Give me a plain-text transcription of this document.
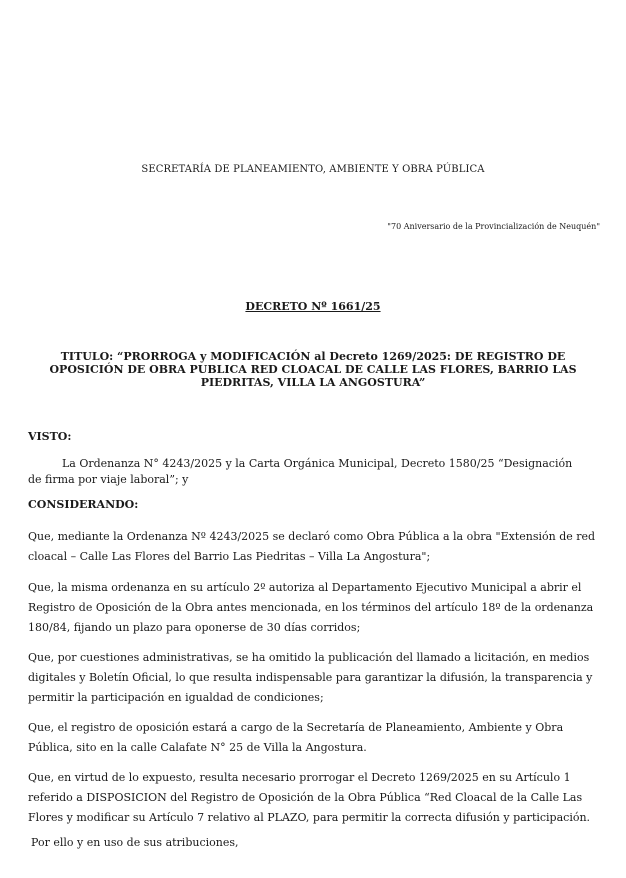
SECRETARÍA DE PLANEAMIENTO, AMBIENTE Y OBRA PÚBLICA
"70 Aniversario de la Provincialización de Neuquén"
DECRETO Nº 1661/25
TITULO: “PRORROGA y MODIFICACIÓN al Decreto 1269/2025: DE REGISTRO DE OPOSICIÓN DE OBRA PUBLICA RED CLOACAL DE CALLE LAS FLORES, BARRIO LAS PIEDRITAS, VILLA LA ANGOSTURA”
VISTO:
La Ordenanza N° 4243/2025 y la Carta Orgánica Municipal, Decreto 1580/25 “Designación de firma por viaje laboral”; y
CONSIDERANDO:
Que, mediante la Ordenanza Nº 4243/2025 se declaró como Obra Pública a la obra "Extensión de red cloacal – Calle Las Flores del Barrio Las Piedritas – Villa La Angostura";
Que, la misma ordenanza en su artículo 2º autoriza al Departamento Ejecutivo Municipal a abrir el Registro de Oposición de la Obra antes mencionada, en los términos del artículo 18º de la ordenanza 180/84, fijando un plazo para oponerse de 30 días corridos;
Que, por cuestiones administrativas, se ha omitido la publicación del llamado a licitación, en medios digitales y Boletín Oficial, lo que resulta indispensable para garantizar la difusión, la transparencia y permitir la participación en igualdad de condiciones;
Que, el registro de oposición estará a cargo de la Secretaría de Planeamiento, Ambiente y Obra Pública, sito en la calle Calafate N° 25 de Villa la Angostura.
Que, en virtud de lo expuesto, resulta necesario prorrogar el Decreto 1269/2025 en su Artículo 1 referido a DISPOSICION del Registro de Oposición de la Obra Pública “Red Cloacal de la Calle Las Flores y modificar su Artículo 7 relativo al PLAZO, para permitir la correcta difusión y participación.
Por ello y en uso de sus atribuciones,
